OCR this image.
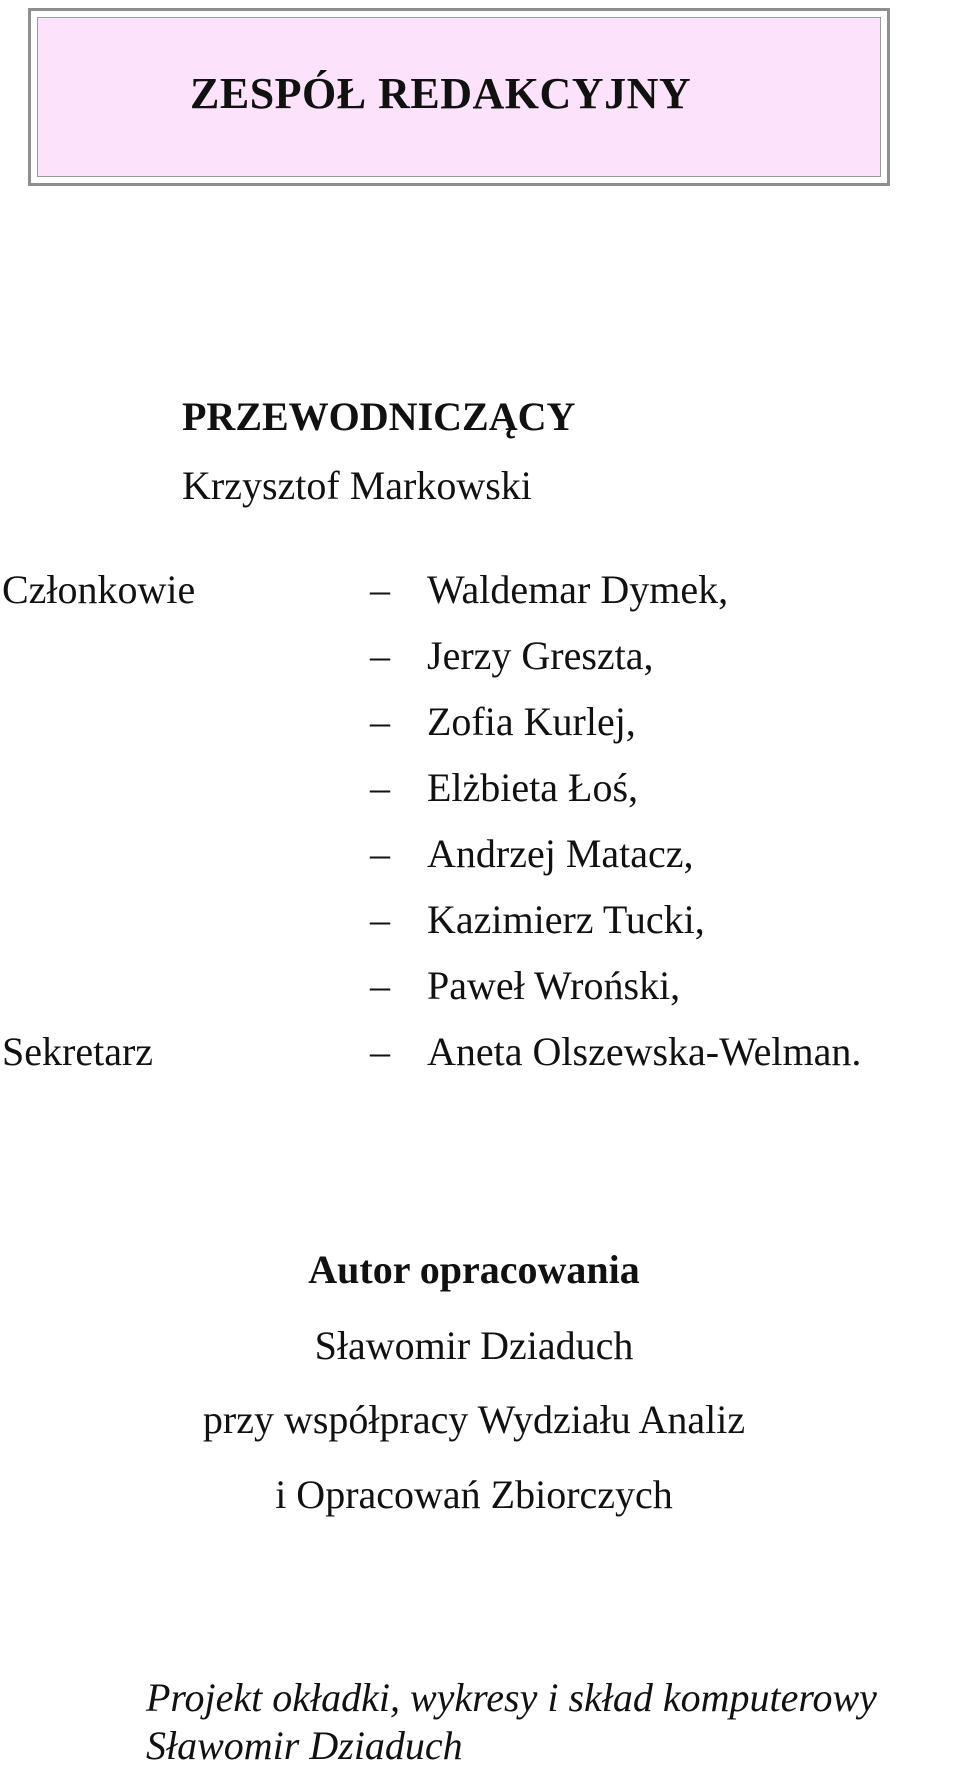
ZESPÓŁ REDAKCYJNY
PRZEWODNICZĄCY
Krzysztof Markowski
Członkowie
Sekretarz
– Waldemar Dymek,
– Jerzy Greszta,
– Zofia Kurlej,
– Elżbieta Łoś,
– Andrzej Matacz,
– Kazimierz Tucki,
– Paweł Wroński,
– Aneta Olszewska-Welman.
Autor opracowania
Sławomir Dziaduch
przy współpracy Wydziału Analiz
i Opracowań Zbiorczych
Projekt okładki, wykresy i skład komputerowy
Sławomir Dziaduch
